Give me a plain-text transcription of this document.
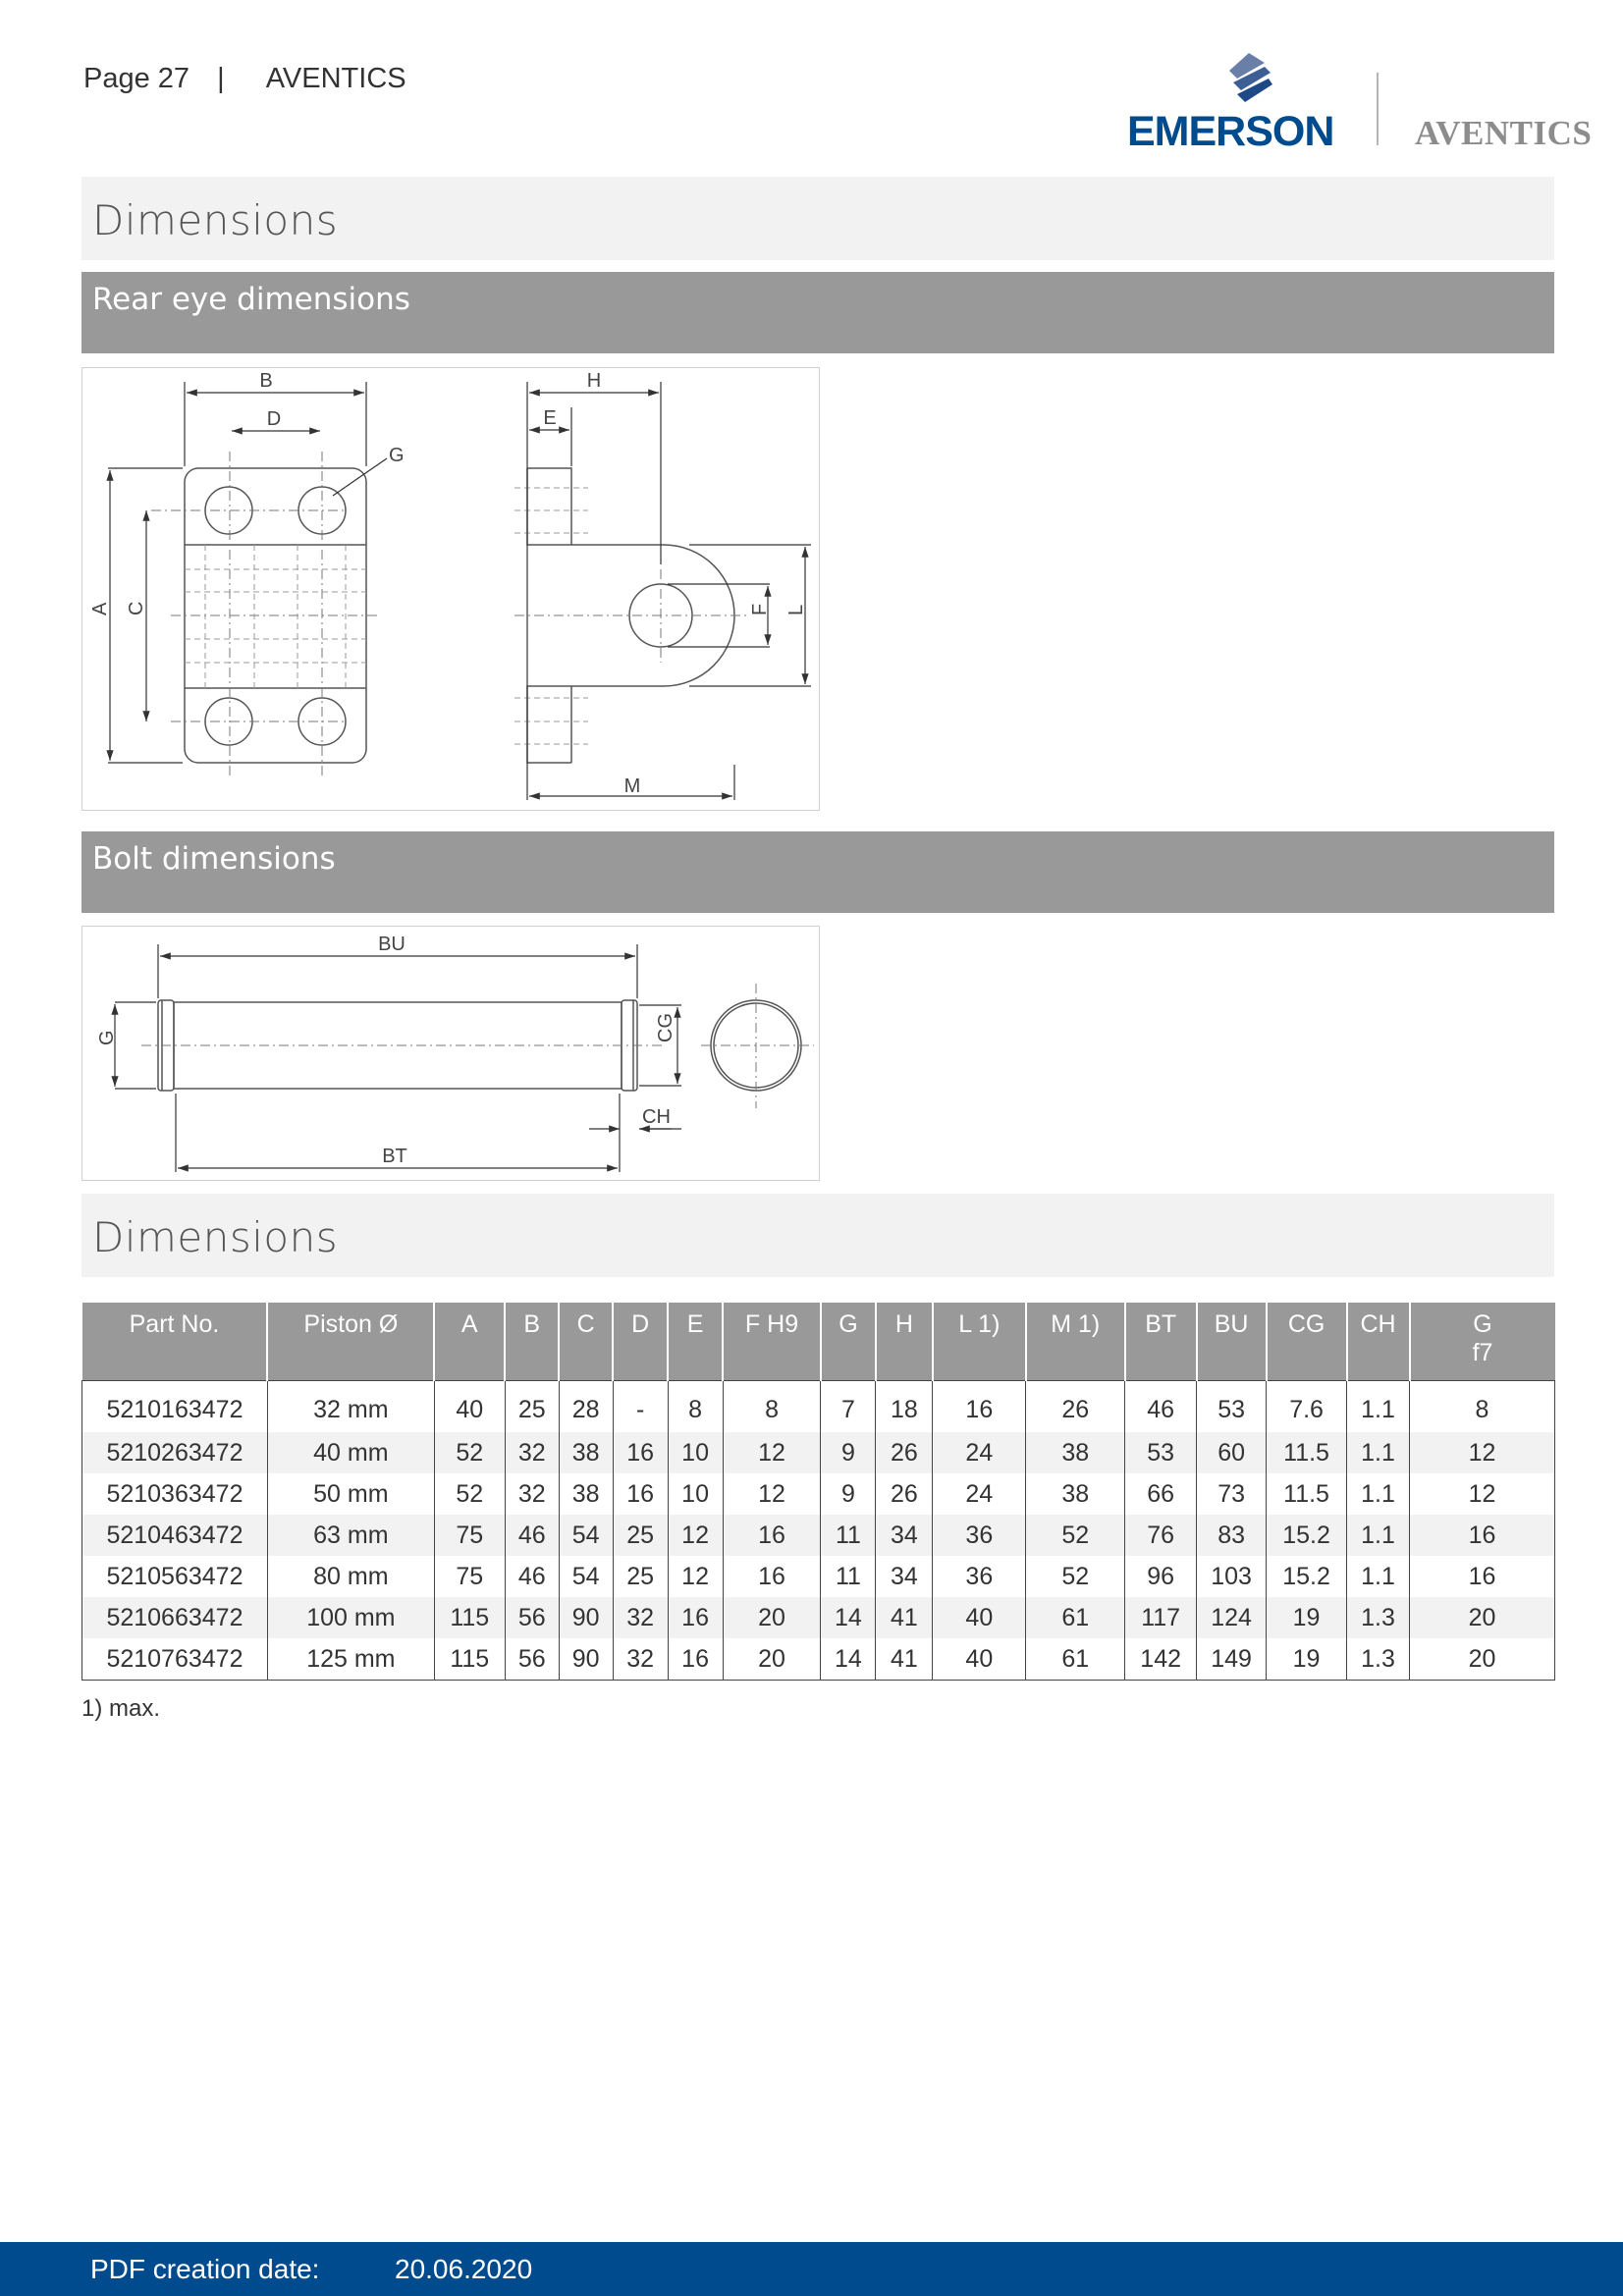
Page 27 | AVENTICS
EMERSON AVENTICS
Dimensions
Rear eye dimensions
B
D
G
A C
H
E
F L
M
Bolt dimensions
BU
G	CG
CH
BT
Dimensions
Part No.	Piston Ø	A	B	C	D	E	F H9	G	H	L 1)	M 1)	BT	BU	CG	CH	G
f7
5210163472	32 mm	40	25	28	-	8	8	7	18	16	26	46	53	7.6	1.1	8
5210263472	40 mm	52	32	38	16	10	12	9	26	24	38	53	60	11.5	1.1	12
5210363472	50 mm	52	32	38	16	10	12	9	26	24	38	66	73	11.5	1.1	12
5210463472	63 mm	75	46	54	25	12	16	11	34	36	52	76	83	15.2	1.1	16
5210563472	80 mm	75	46	54	25	12	16	11	34	36	52	96	103	15.2	1.1	16
5210663472	100 mm	115	56	90	32	16	20	14	41	40	61	117	124	19	1.3	20
5210763472	125 mm	115	56	90	32	16	20	14	41	40	61	142	149	19	1.3	20
1) max.
PDF creation date:	20.06.2020
